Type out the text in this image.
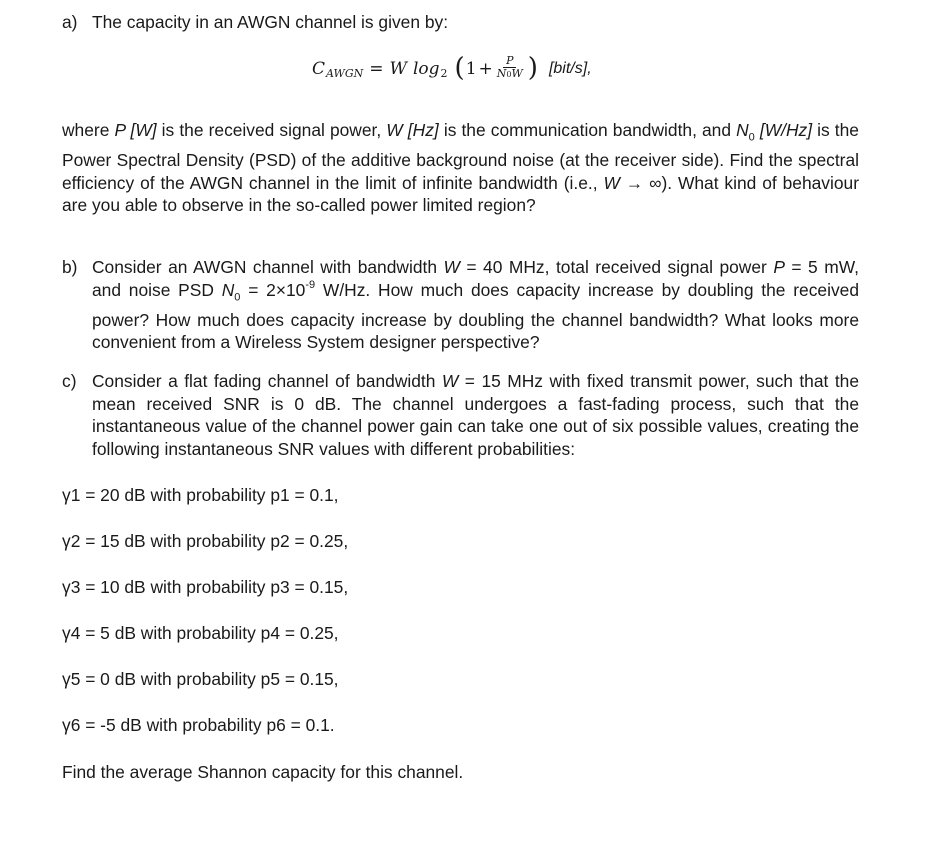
a) The capacity in an AWGN channel is given by:
C AWGN = W log 2 ( $1 + \frac{P}{N0W}$ ) [bit/s],
where P [W] is the received signal power, W [Hz] is the communication bandwidth, and $N_0$ [W/Hz] is the Power Spectral Density (PSD) of the additive background noise (at the receiver side). Find the spectral efficiency of the AWGN channel in the limit of infinite bandwidth (i.e., W → ∞). What kind of behaviour are you able to observe in the so-called power limited region?
b) Consider an AWGN channel with bandwidth W = 40 MHz, total received signal power P = 5 mW, and noise PSD $N_0 = 2\times 10^{-9}$ W/Hz. How much does capacity increase by doubling the received power? How much does capacity increase by doubling the channel bandwidth? What looks more convenient from a Wireless System designer perspective?
c) Consider a flat fading channel of bandwidth W = 15 MHz with fixed transmit power, such that the mean received SNR is 0 dB. The channel undergoes a fast-fading process, such that the instantaneous value of the channel power gain can take one out of six possible values, creating the following instantaneous SNR values with different probabilities:
γ1 = 20 dB with probability p1 = 0.1,
γ2 = 15 dB with probability p2 = 0.25,
γ3 = 10 dB with probability p3 = 0.15,
γ4 = 5 dB with probability p4 = 0.25,
γ5 = 0 dB with probability p5 = 0.15,
γ6 = -5 dB with probability p6 = 0.1.
Find the average Shannon capacity for this channel.
